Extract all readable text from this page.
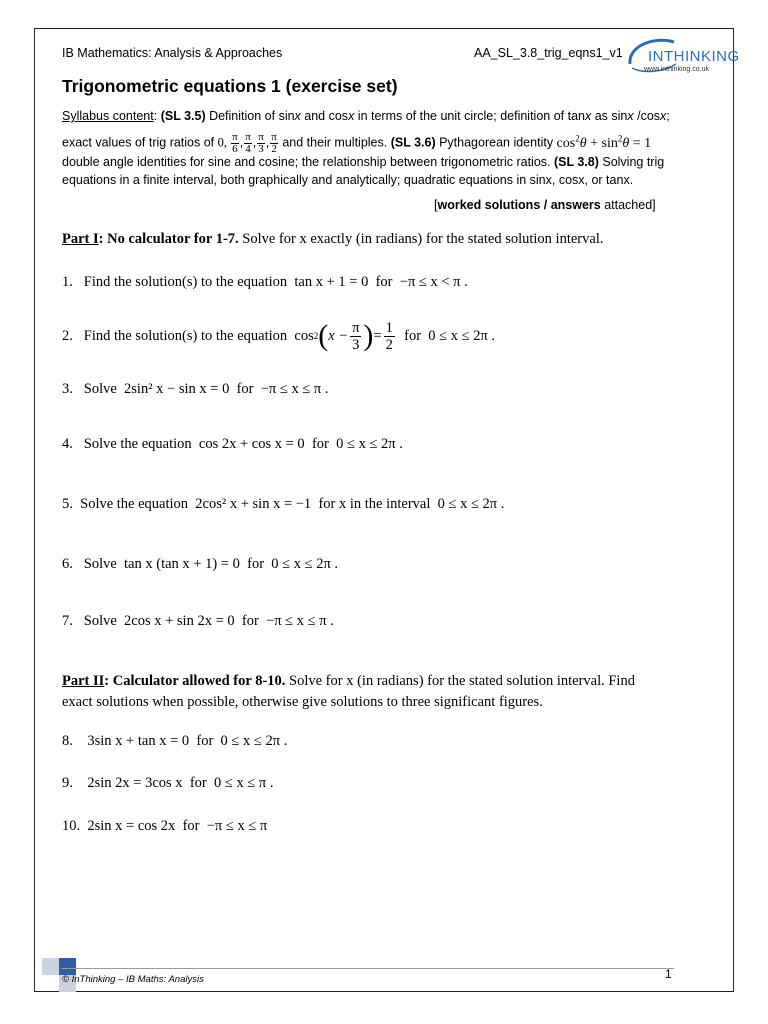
IB Mathematics: Analysis & Approaches	AA_SL_3.8_trig_eqns1_v1 INTHINKING
www.inthinking.co.uk
Trigonometric equations 1 (exercise set)
Syllabus content: (SL 3.5) Definition of sinx and cosx in terms of the unit circle; definition of tanx as sinx /cosx;
exact values of trig ratios of 0, $\frac{\pi}{6}$ , $\frac{\pi}{4}$ , $\frac{\pi}{3}$ , $\frac{\pi}{2}$ and their multiples. (SL 3.6) Pythagorean identity $\cos^2\theta + \sin^2\theta = 1$
double angle identities for sine and cosine; the relationship between trigonometric ratios. (SL 3.8) Solving trig
equations in a finite interval, both graphically and analytically; quadratic equations in sinx, cosx, or tanx.
[worked solutions / answers attached]
Part I: No calculator for 1-7. Solve for x exactly (in radians) for the stated solution interval.
1. Find the solution(s) to the equation tan x + 1 = 0 for −π ≤ x < π .
2.
Find the solution(s) to the equation
cos 2 ( $x - \frac{\pi}{3}$ ) = 1
2

for
0 ≤ x ≤ 2π .
3. Solve 2sin² x − sin x = 0 for −π ≤ x ≤ π .
4. Solve the equation cos 2x + cos x = 0 for 0 ≤ x ≤ 2π .
5. Solve the equation 2cos² x + sin x = −1 for x in the interval 0 ≤ x ≤ 2π .
6. Solve tan x (tan x + 1) = 0 for 0 ≤ x ≤ 2π .
7. Solve 2cos x + sin 2x = 0 for −π ≤ x ≤ π .
Part II: Calculator allowed for 8-10. Solve for x (in radians) for the stated solution interval. Find
exact solutions when possible, otherwise give solutions to three significant figures.
8. 3sin x + tan x = 0 for 0 ≤ x ≤ 2π .
9. 2sin 2x = 3cos x for 0 ≤ x ≤ π .
10. 2sin x = cos 2x for −π ≤ x ≤ π
© InThinking – IB Maths: Analysis	1
